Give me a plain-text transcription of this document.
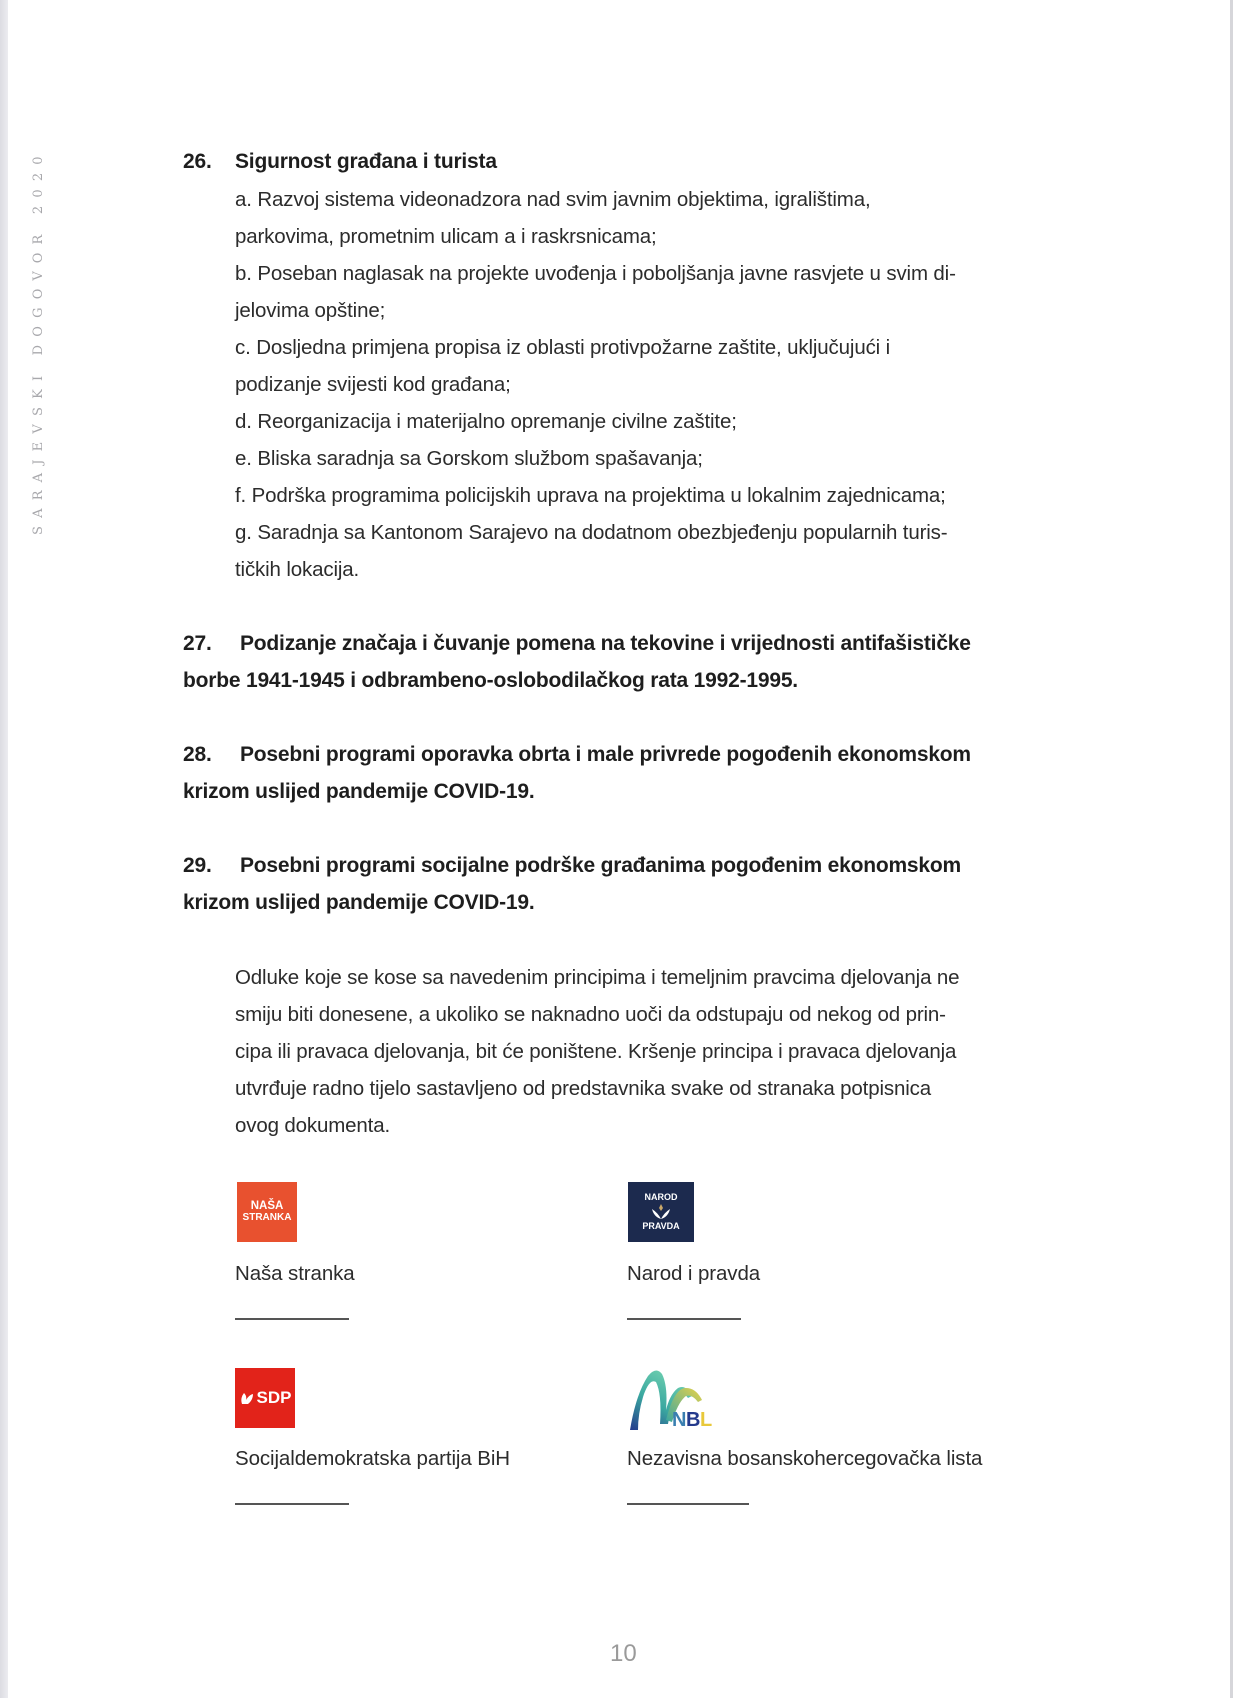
SARAJEVSKI DOGOVOR 2020	26. Sigurnost građana i turista
a. Razvoj sistema videonadzora nad svim javnim objektima, igralištima,
parkovima, prometnim ulicam a i raskrsnicama;
b. Poseban naglasak na projekte uvođenja i poboljšanja javne rasvjete u svim di-
jelovima opštine;
c. Dosljedna primjena propisa iz oblasti protivpožarne zaštite, uključujući i
podizanje svijesti kod građana;
d. Reorganizacija i materijalno opremanje civilne zaštite;
e. Bliska saradnja sa Gorskom službom spašavanja;
f. Podrška programima policijskih uprava na projektima u lokalnim zajednicama;
g. Saradnja sa Kantonom Sarajevo na dodatnom obezbjeđenju popularnih turis-
tičkih lokacija.
27. Podizanje značaja i čuvanje pomena na tekovine i vrijednosti antifašističke
borbe 1941-1945 i odbrambeno-oslobodilačkog rata 1992-1995.
28. Posebni programi oporavka obrta i male privrede pogođenih ekonomskom
krizom uslijed pandemije COVID-19.
29. Posebni programi socijalne podrške građanima pogođenim ekonomskom
krizom uslijed pandemije COVID-19.
Odluke koje se kose sa navedenim principima i temeljnim pravcima djelovanja ne
smiju biti donesene, a ukoliko se naknadno uoči da odstupaju od nekog od prin-
cipa ili pravaca djelovanja, bit će poništene. Kršenje principa i pravaca djelovanja
utvrđuje radno tijelo sastavljeno od predstavnika svake od stranaka potpisnica
ovog dokumenta.
NAŠA
STRANKA
Naša stranka
NAROD
PRAVDA
Narod i pravda
SDP
Socijaldemokratska partija BiH
N B L
Nezavisna bosanskohercegovačka lista
10
